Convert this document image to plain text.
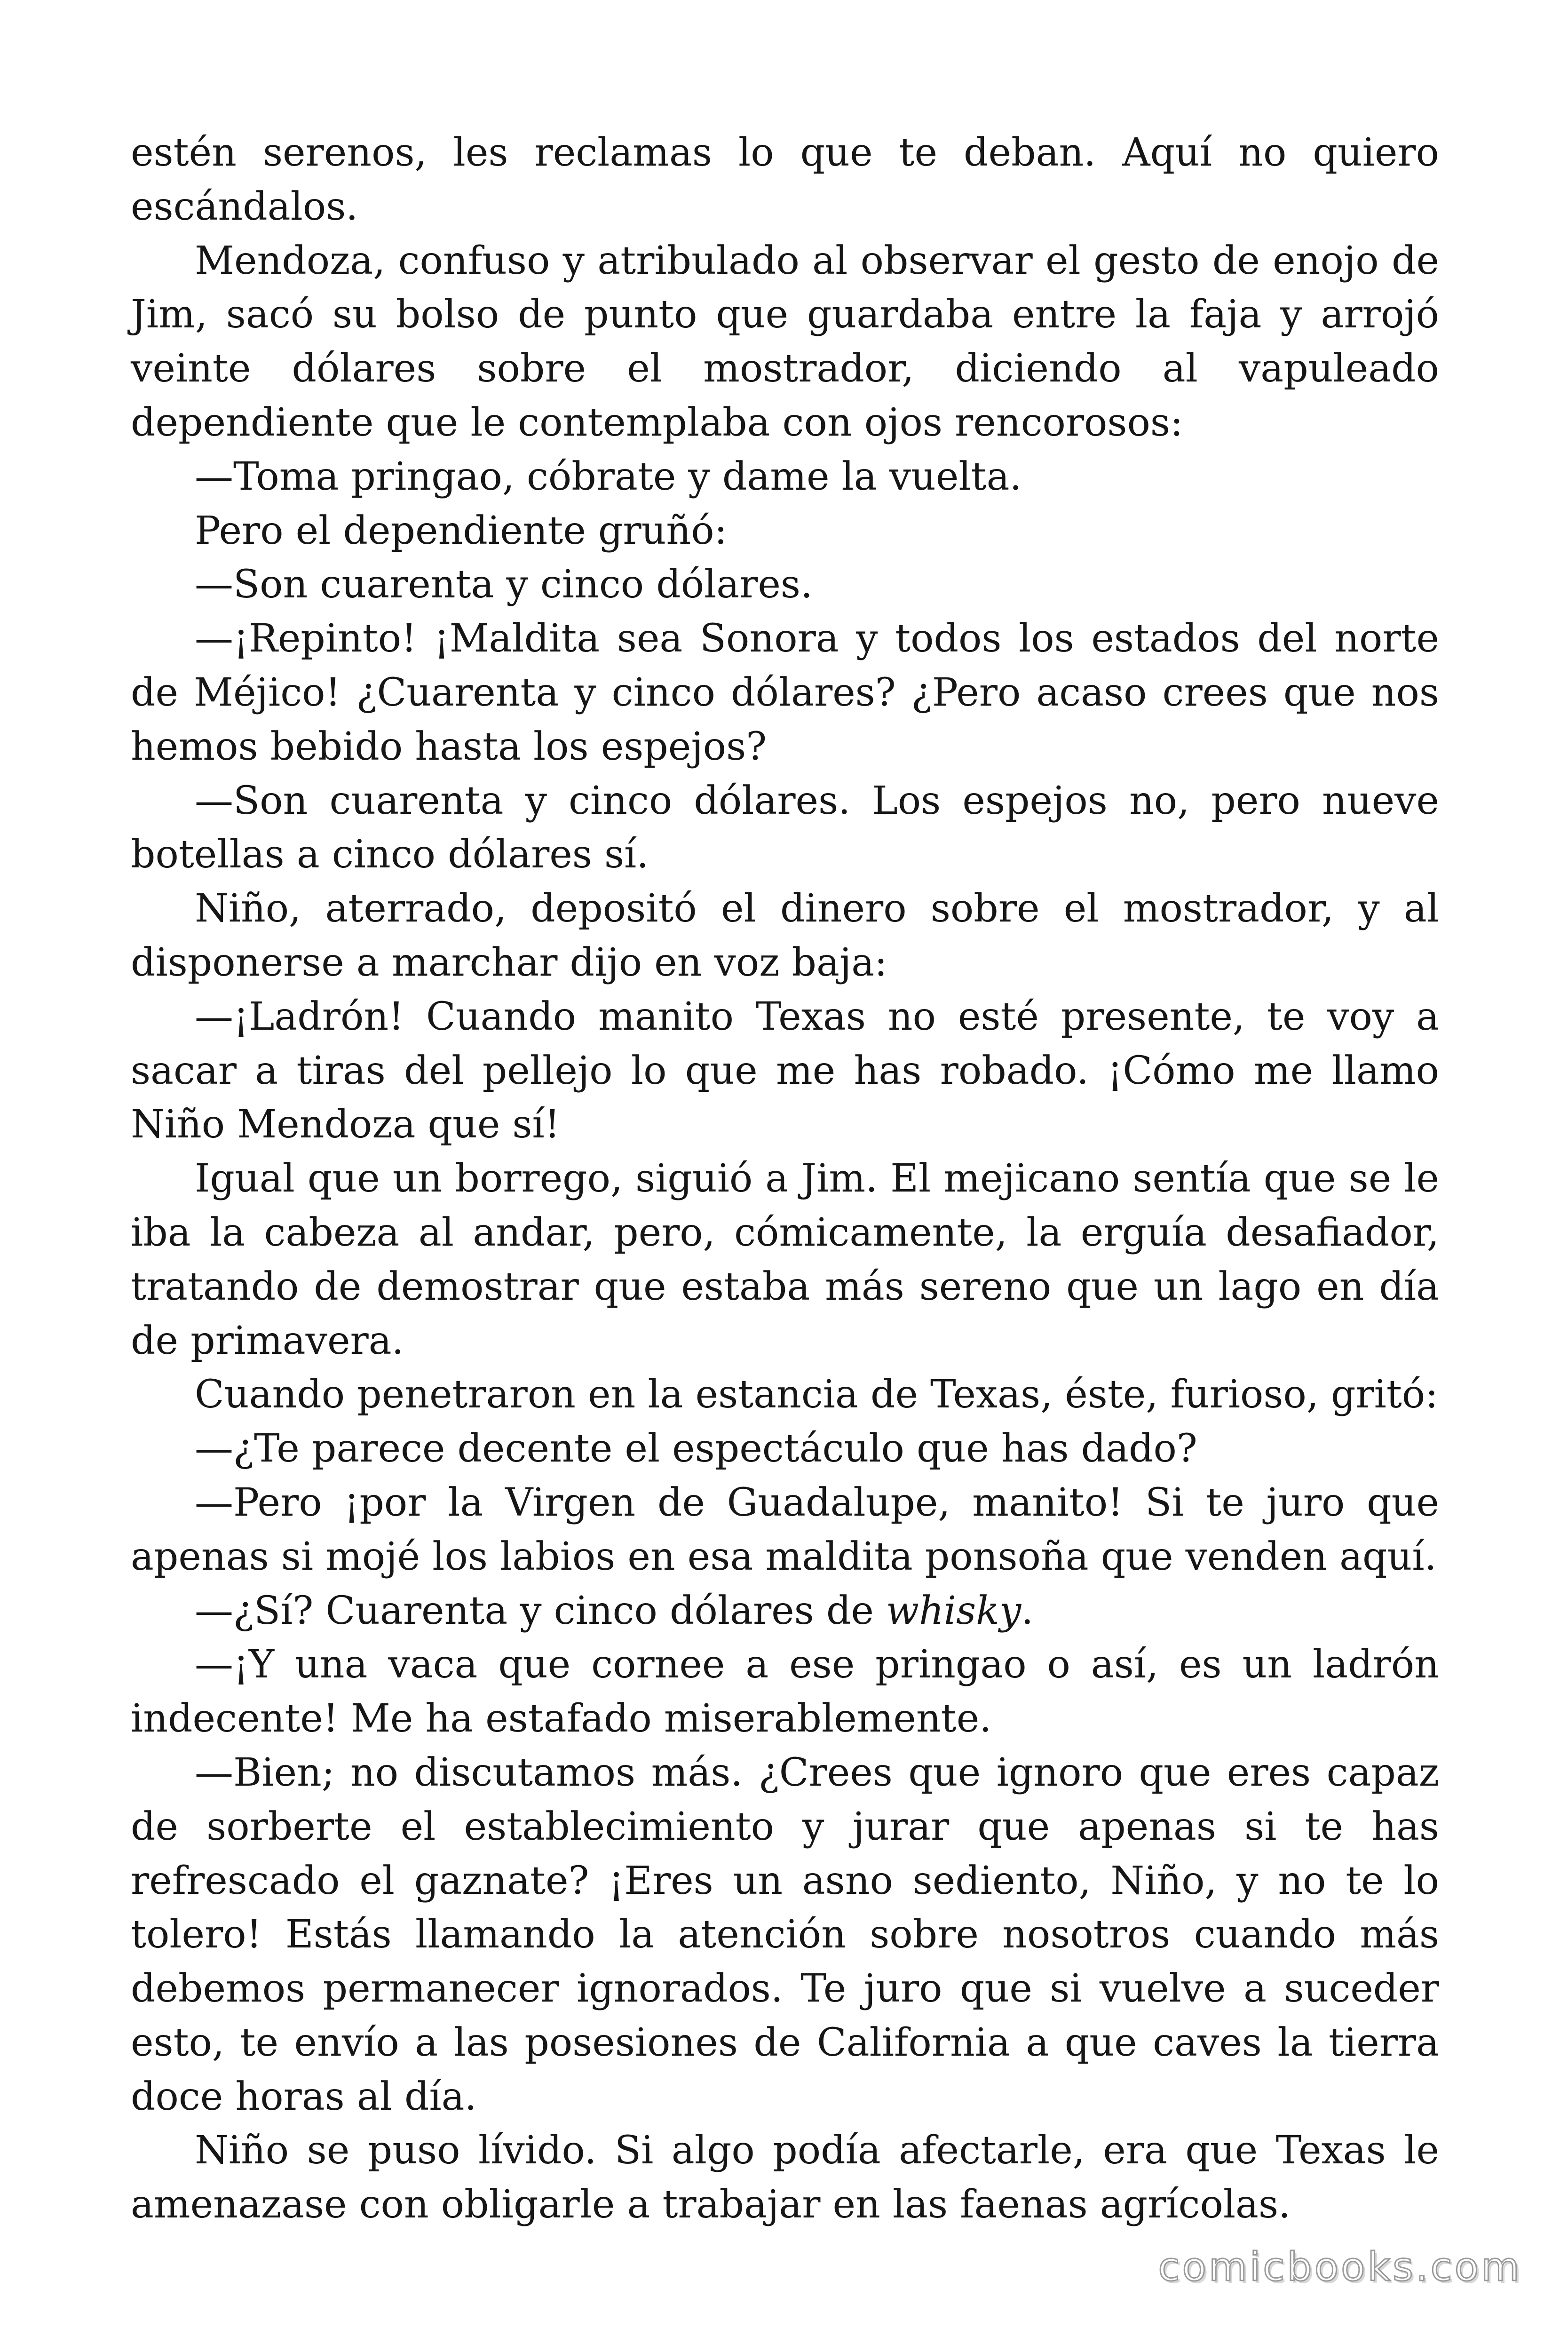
estén serenos, les reclamas lo que te deban. Aquí no quiero escándalos.

Mendoza, confuso y atribulado al observar el gesto de enojo de Jim, sacó su bolso de punto que guardaba entre la faja y arrojó veinte dólares sobre el mostrador, diciendo al vapuleado dependiente que le contemplaba con ojos rencorosos:

—Toma pringao, cóbrate y dame la vuelta.

Pero el dependiente gruñó:

—Son cuarenta y cinco dólares.

—¡Repinto! ¡Maldita sea Sonora y todos los estados del norte de Méjico! ¿Cuarenta y cinco dólares? ¿Pero acaso crees que nos hemos bebido hasta los espejos?

—Son cuarenta y cinco dólares. Los espejos no, pero nueve botellas a cinco dólares sí.

Niño, aterrado, depositó el dinero sobre el mostrador, y al disponerse a marchar dijo en voz baja:

—¡Ladrón! Cuando manito Texas no esté presente, te voy a sacar a tiras del pellejo lo que me has robado. ¡Cómo me llamo Niño Mendoza que sí!

Igual que un borrego, siguió a Jim. El mejicano sentía que se le iba la cabeza al andar, pero, cómicamente, la erguía desafiador, tratando de demostrar que estaba más sereno que un lago en día de primavera.

Cuando penetraron en la estancia de Texas, éste, furioso, gritó:

—¿Te parece decente el espectáculo que has dado?

—Pero ¡por la Virgen de Guadalupe, manito! Si te juro que apenas si mojé los labios en esa maldita ponsoña que venden aquí.

—¿Sí? Cuarenta y cinco dólares de whisky.

—¡Y una vaca que cornee a ese pringao o así, es un ladrón indecente! Me ha estafado miserablemente.

—Bien; no discutamos más. ¿Crees que ignoro que eres capaz de sorberte el establecimiento y jurar que apenas si te has refrescado el gaznate? ¡Eres un asno sediento, Niño, y no te lo tolero! Estás llamando la atención sobre nosotros cuando más debemos permanecer ignorados. Te juro que si vuelve a suceder esto, te envío a las posesiones de California a que caves la tierra doce horas al día.

Niño se puso lívido. Si algo podía afectarle, era que Texas le amenazase con obligarle a trabajar en las faenas agrícolas.

comicbooks.com
